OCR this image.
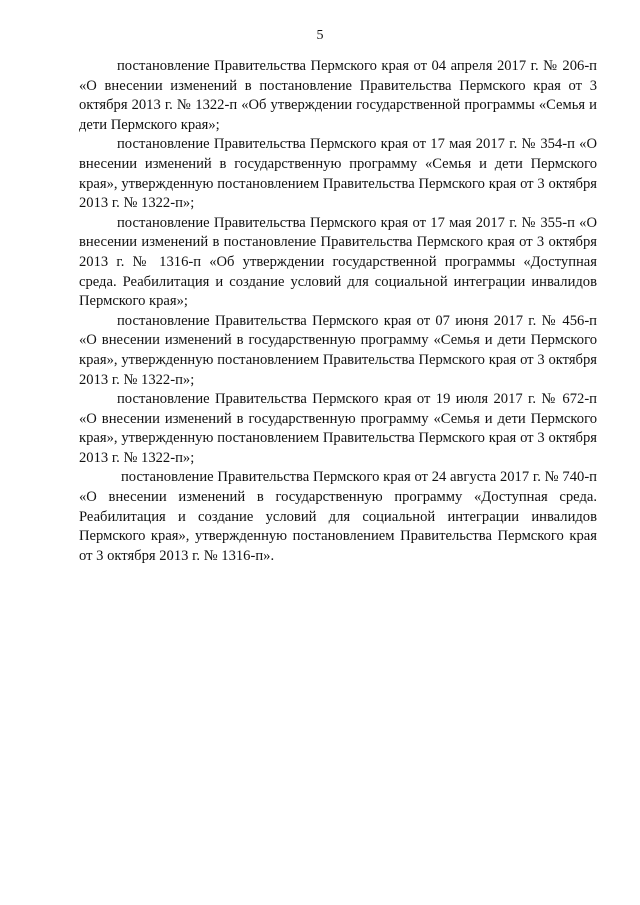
5

постановление Правительства Пермского края от 04 апреля 2017 г. № 206-п «О внесении изменений в постановление Правительства Пермского края от 3 октября 2013 г. № 1322-п «Об утверждении государственной программы «Семья и дети Пермского края»;

постановление Правительства Пермского края от 17 мая 2017 г. № 354-п «О внесении изменений в государственную программу «Семья и дети Пермского края», утвержденную постановлением Правительства Пермского края от 3 октября 2013 г. № 1322-п»;

постановление Правительства Пермского края от 17 мая 2017 г. № 355-п «О внесении изменений в постановление Правительства Пермского края от 3 октября 2013 г. № 1316-п «Об утверждении государственной программы «Доступная среда. Реабилитация и создание условий для социальной интеграции инвалидов Пермского края»;

постановление Правительства Пермского края от 07 июня 2017 г. № 456-п «О внесении изменений в государственную программу «Семья и дети Пермского края», утвержденную постановлением Правительства Пермского края от 3 октября 2013 г. № 1322-п»;

постановление Правительства Пермского края от 19 июля 2017 г. № 672-п «О внесении изменений в государственную программу «Семья и дети Пермского края», утвержденную постановлением Правительства Пермского края от 3 октября 2013 г. № 1322-п»;

постановление Правительства Пермского края от 24 августа 2017 г. № 740-п «О внесении изменений в государственную программу «Доступная среда. Реабилитация и создание условий для социальной интеграции инвалидов Пермского края», утвержденную постановлением Правительства Пермского края от 3 октября 2013 г. № 1316-п».
